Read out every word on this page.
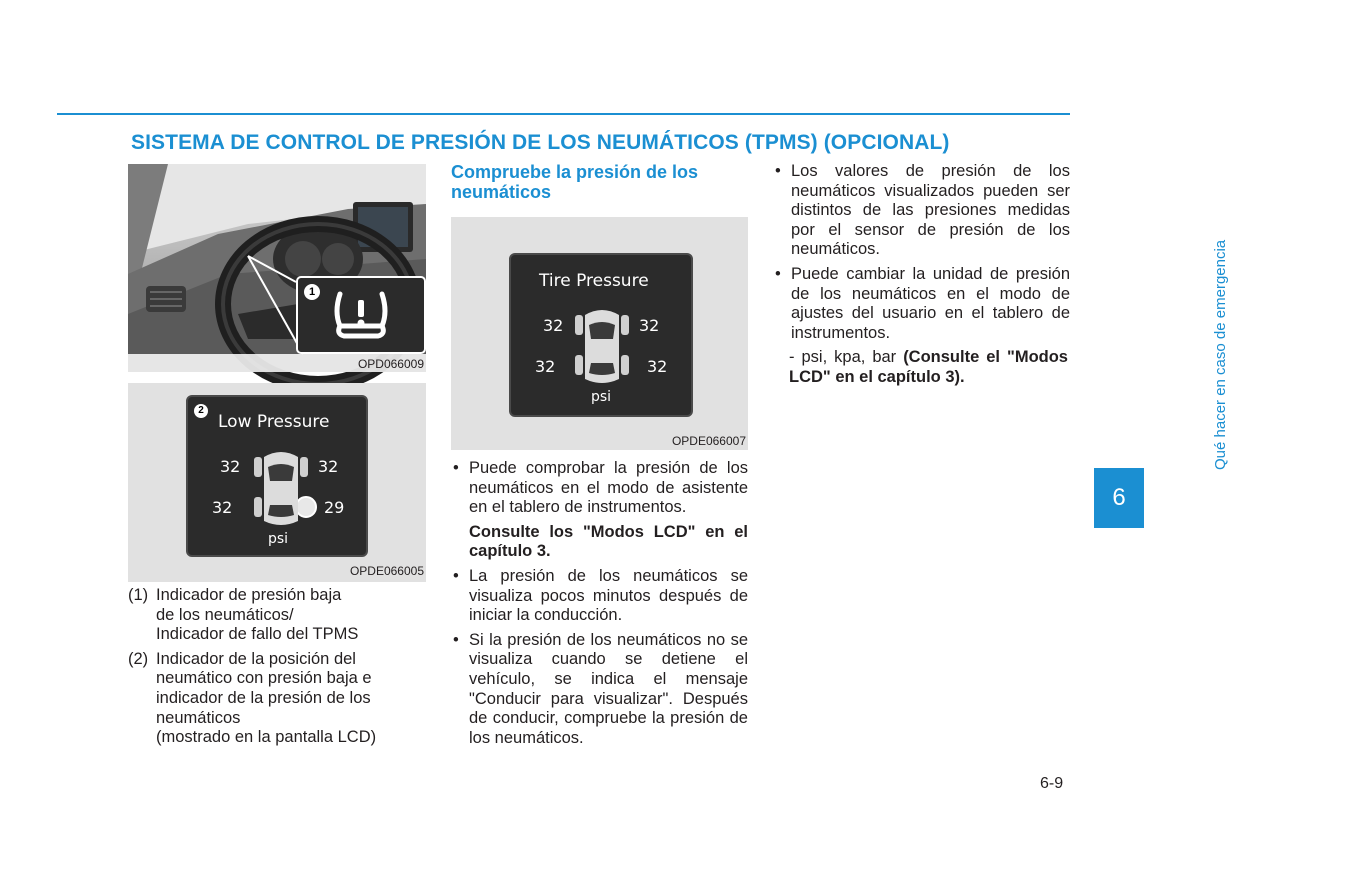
SISTEMA DE CONTROL DE PRESIÓN DE LOS NEUMÁTICOS (TPMS) (OPCIONAL)
1
OPD066009
2
Low Pressure
32	32
32	29
psi
OPDE066005
(1) Indicador de presión baja
de los neumáticos/
Indicador de fallo del TPMS
(2) Indicador de la posición del
neumático con presión baja e
indicador de la presión de los
neumáticos
(mostrado en la pantalla LCD)
Compruebe la presión de los neumáticos
Tire Pressure
32	32
32	32
psi
OPDE066007
• Puede comprobar la presión de los neumáticos en el modo de asistente en el tablero de instrumentos.
Consulte los "Modos LCD" en el capítulo 3.
• La presión de los neumáticos se visualiza pocos minutos después de iniciar la conducción.
• Si la presión de los neumáticos no se visualiza cuando se detiene el vehículo, se indica el mensaje "Conducir para visualizar". Después de conducir, compruebe la presión de los neumáticos.
• Los valores de presión de los neumáticos visualizados pueden ser distintos de las presiones medidas por el sensor de presión de los neumáticos.
• Puede cambiar la unidad de presión de los neumáticos en el modo de ajustes del usuario en el tablero de instrumentos.
- psi, kpa, bar (Consulte el "Modos LCD" en el capítulo 3).	Qué hacer en caso de emergencia
6
6-9
